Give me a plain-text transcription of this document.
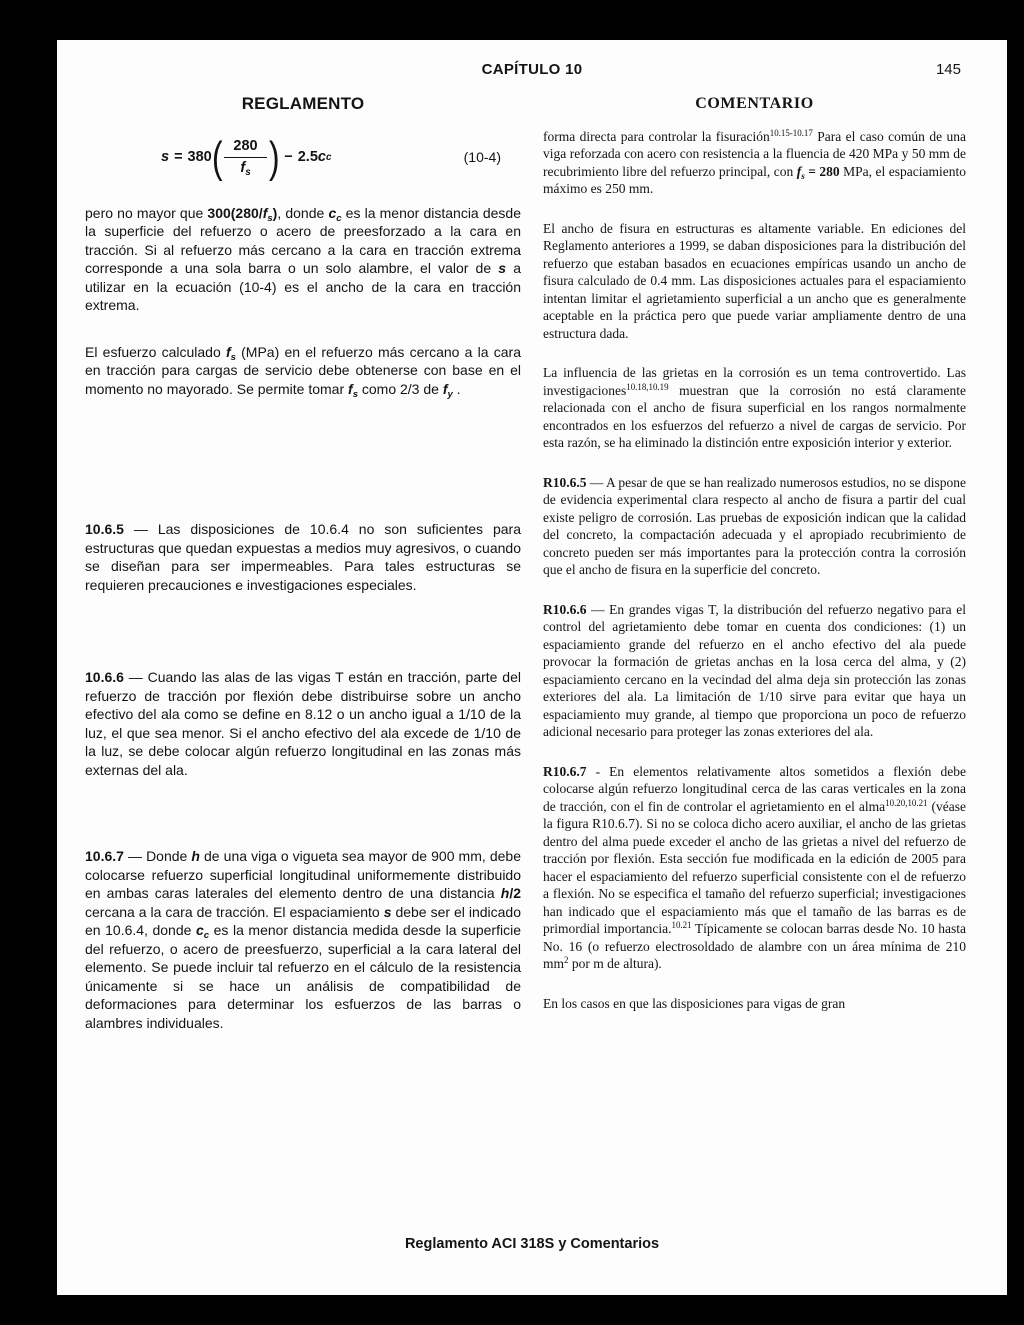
CAPÍTULO 10	145
REGLAMENTO
s = 380 ( $\frac{280}{f_s}$ ) − 2.5 c c	(10-4)

pero no mayor que $300(280/f_s)$, donde $c_c$ es la menor distancia desde la superficie del refuerzo o acero de preesforzado a la cara en tracción. Si al refuerzo más cercano a la cara en tracción extrema corresponde a una sola barra o un solo alambre, el valor de s a utilizar en la ecuación (10-4) es el ancho de la cara en tracción extrema.

El esfuerzo calculado $f_s$ (MPa) en el refuerzo más cercano a la cara en tracción para cargas de servicio debe obtenerse con base en el momento no mayorado. Se permite tomar $f_s$ como 2/3 de $f_y$ .

10.6.5 — Las disposiciones de 10.6.4 no son suficientes para estructuras que quedan expuestas a medios muy agresivos, o cuando se diseñan para ser impermeables. Para tales estructuras se requieren precauciones e investigaciones especiales.

10.6.6 — Cuando las alas de las vigas T están en tracción, parte del refuerzo de tracción por flexión debe distribuirse sobre un ancho efectivo del ala como se define en 8.12 o un ancho igual a 1/10 de la luz, el que sea menor. Si el ancho efectivo del ala excede de 1/10 de la luz, se debe colocar algún refuerzo longitudinal en las zonas más externas del ala.

10.6.7 — Donde h de una viga o vigueta sea mayor de 900 mm, debe colocarse refuerzo superficial longitudinal uniformemente distribuido en ambas caras laterales del elemento dentro de una distancia h/2 cercana a la cara de tracción. El espaciamiento s debe ser el indicado en 10.6.4, donde $c_c$ es la menor distancia medida desde la superficie del refuerzo, o acero de preesfuerzo, superficial a la cara lateral del elemento. Se puede incluir tal refuerzo en el cálculo de la resistencia únicamente si se hace un análisis de compatibilidad de deformaciones para determinar los esfuerzos de las barras o alambres individuales.

COMENTARIO

forma directa para controlar la fisuración$^{10.15-10.17}$ Para el caso común de una viga reforzada con acero con resistencia a la fluencia de 420 MPa y 50 mm de recubrimiento libre del refuerzo principal, con $f_s = 280$ MPa, el espaciamiento máximo es 250 mm.

El ancho de fisura en estructuras es altamente variable. En ediciones del Reglamento anteriores a 1999, se daban disposiciones para la distribución del refuerzo que estaban basados en ecuaciones empíricas usando un ancho de fisura calculado de 0.4 mm. Las disposiciones actuales para el espaciamiento intentan limitar el agrietamiento superficial a un ancho que es generalmente aceptable en la práctica pero que puede variar ampliamente dentro de una estructura dada.

La influencia de las grietas en la corrosión es un tema controvertido. Las investigaciones$^{10.18,10.19}$ muestran que la corrosión no está claramente relacionada con el ancho de fisura superficial en los rangos normalmente encontrados en los esfuerzos del refuerzo a nivel de cargas de servicio. Por esta razón, se ha eliminado la distinción entre exposición interior y exterior.

R10.6.5 — A pesar de que se han realizado numerosos estudios, no se dispone de evidencia experimental clara respecto al ancho de fisura a partir del cual existe peligro de corrosión. Las pruebas de exposición indican que la calidad del concreto, la compactación adecuada y el apropiado recubrimiento de concreto pueden ser más importantes para la protección contra la corrosión que el ancho de fisura en la superficie del concreto.

R10.6.6 — En grandes vigas T, la distribución del refuerzo negativo para el control del agrietamiento debe tomar en cuenta dos condiciones: (1) un espaciamiento grande del refuerzo en el ancho efectivo del ala puede provocar la formación de grietas anchas en la losa cerca del alma, y (2) espaciamiento cercano en la vecindad del alma deja sin protección las zonas exteriores del ala. La limitación de 1/10 sirve para evitar que haya un espaciamiento muy grande, al tiempo que proporciona un poco de refuerzo adicional necesario para proteger las zonas exteriores del ala.

R10.6.7 - En elementos relativamente altos sometidos a flexión debe colocarse algún refuerzo longitudinal cerca de las caras verticales en la zona de tracción, con el fin de controlar el agrietamiento en el alma$^{10.20,10.21}$ (véase la figura R10.6.7). Si no se coloca dicho acero auxiliar, el ancho de las grietas dentro del alma puede exceder el ancho de las grietas a nivel del refuerzo de tracción por flexión. Esta sección fue modificada en la edición de 2005 para hacer el espaciamiento del refuerzo superficial consistente con el de refuerzo a flexión. No se especifica el tamaño del refuerzo superficial; investigaciones han indicado que el espaciamiento más que el tamaño de las barras es de primordial importancia.$^{10.21}$ Típicamente se colocan barras desde No. 10 hasta No. 16 (o refuerzo electrosoldado de alambre con un área mínima de 210 $mm^2$ por m de altura).

En los casos en que las disposiciones para vigas de gran

Reglamento ACI 318S y Comentarios
